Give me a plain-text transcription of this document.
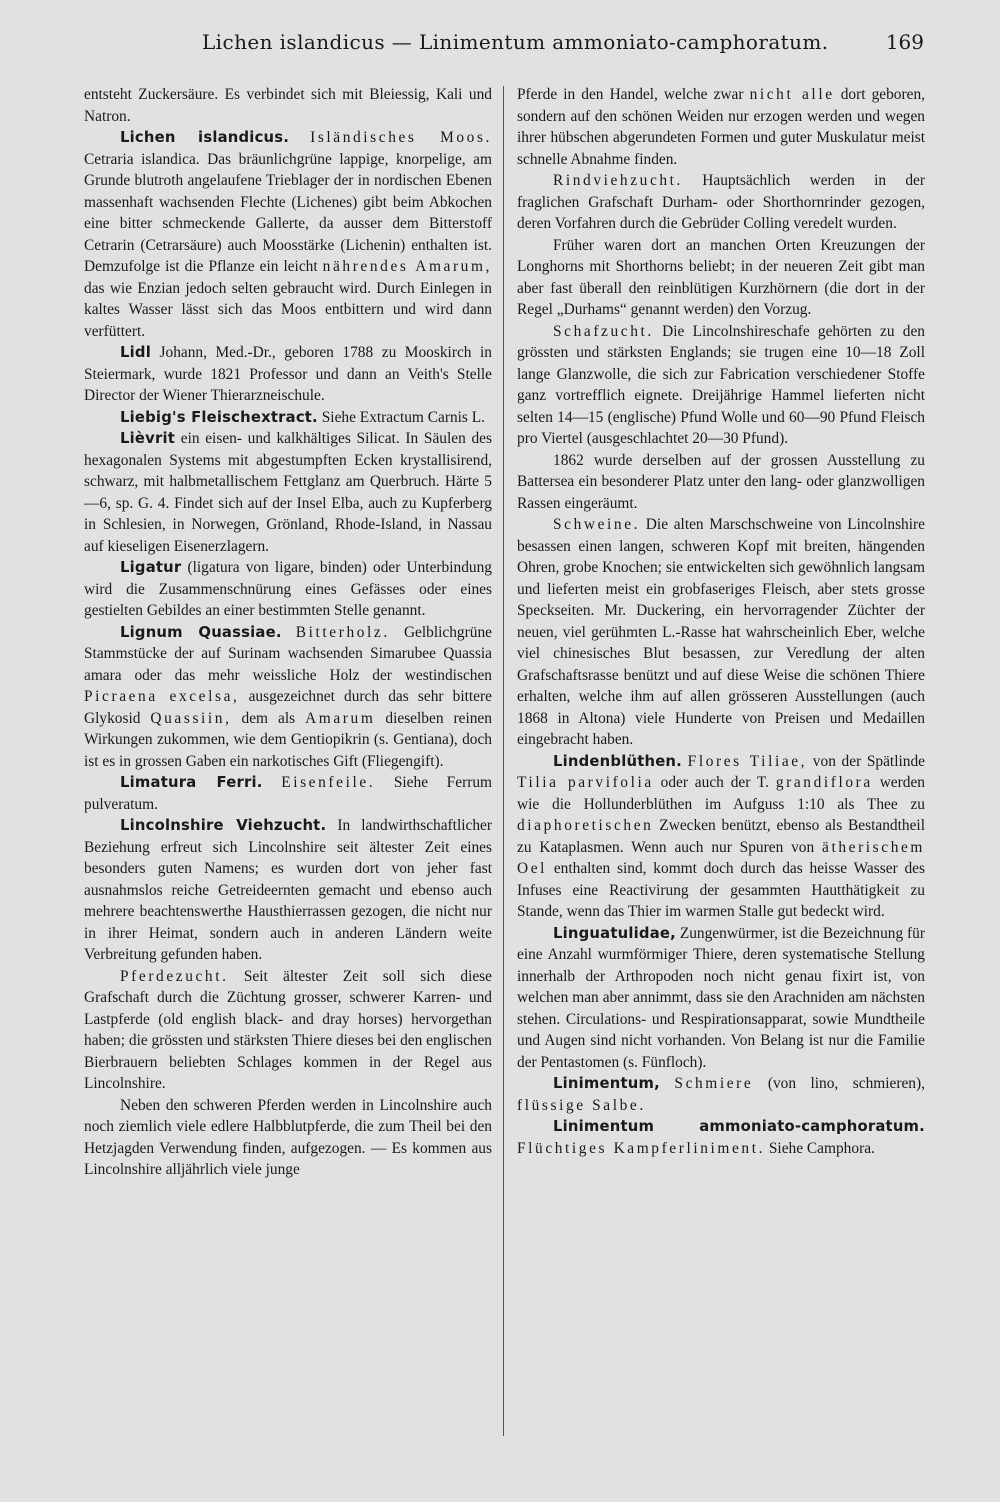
Lichen islandicus — Linimentum ammoniato-camphoratum.	169

entsteht Zuckersäure. Es verbindet sich mit Bleiessig, Kali und Natron.

Lichen islandicus. Isländisches Moos. Cetraria islandica. Das bräunlichgrüne lappige, knorpelige, am Grunde blutroth angelaufene Trieblager der in nordischen Ebenen massenhaft wachsenden Flechte (Lichenes) gibt beim Abkochen eine bitter schmeckende Gallerte, da ausser dem Bitterstoff Cetrarin (Cetrarsäure) auch Moosstärke (Lichenin) enthalten ist. Demzufolge ist die Pflanze ein leicht nährendes Amarum, das wie Enzian jedoch selten gebraucht wird. Durch Einlegen in kaltes Wasser lässt sich das Moos entbittern und wird dann verfüttert.

Lidl Johann, Med.-Dr., geboren 1788 zu Mooskirch in Steiermark, wurde 1821 Professor und dann an Veith's Stelle Director der Wiener Thierarzneischule.

Liebig's Fleischextract. Siehe Extractum Carnis L.

Lièvrit ein eisen- und kalkhältiges Silicat. In Säulen des hexagonalen Systems mit abgestumpften Ecken krystallisirend, schwarz, mit halbmetallischem Fettglanz am Querbruch. Härte 5—6, sp. G. 4. Findet sich auf der Insel Elba, auch zu Kupferberg in Schlesien, in Norwegen, Grönland, Rhode-Island, in Nassau auf kieseligen Eisenerzlagern.

Ligatur (ligatura von ligare, binden) oder Unterbindung wird die Zusammenschnürung eines Gefässes oder eines gestielten Gebildes an einer bestimmten Stelle genannt.

Lignum Quassiae. Bitterholz. Gelblichgrüne Stammstücke der auf Surinam wachsenden Simarubee Quassia amara oder das mehr weissliche Holz der westindischen Picraena excelsa, ausgezeichnet durch das sehr bittere Glykosid Quassiin, dem als Amarum dieselben reinen Wirkungen zukommen, wie dem Gentiopikrin (s. Gentiana), doch ist es in grossen Gaben ein narkotisches Gift (Fliegengift).

Limatura Ferri. Eisenfeile. Siehe Ferrum pulveratum.

Lincolnshire Viehzucht. In landwirthschaftlicher Beziehung erfreut sich Lincolnshire seit ältester Zeit eines besonders guten Namens; es wurden dort von jeher fast ausnahmslos reiche Getreideernten gemacht und ebenso auch mehrere beachtenswerthe Hausthierrassen gezogen, die nicht nur in ihrer Heimat, sondern auch in anderen Ländern weite Verbreitung gefunden haben.

Pferdezucht. Seit ältester Zeit soll sich diese Grafschaft durch die Züchtung grosser, schwerer Karren- und Lastpferde (old english black- and dray horses) hervorgethan haben; die grössten und stärksten Thiere dieses bei den englischen Bierbrauern beliebten Schlages kommen in der Regel aus Lincolnshire.

Neben den schweren Pferden werden in Lincolnshire auch noch ziemlich viele edlere Halbblutpferde, die zum Theil bei den Hetzjagden Verwendung finden, aufgezogen. — Es kommen aus Lincolnshire alljährlich viele junge

Pferde in den Handel, welche zwar nicht alle dort geboren, sondern auf den schönen Weiden nur erzogen werden und wegen ihrer hübschen abgerundeten Formen und guter Muskulatur meist schnelle Abnahme finden.

Rindviehzucht. Hauptsächlich werden in der fraglichen Grafschaft Durham- oder Shorthornrinder gezogen, deren Vorfahren durch die Gebrüder Colling veredelt wurden.

Früher waren dort an manchen Orten Kreuzungen der Longhorns mit Shorthorns beliebt; in der neueren Zeit gibt man aber fast überall den reinblütigen Kurzhörnern (die dort in der Regel „Durhams“ genannt werden) den Vorzug.

Schafzucht. Die Lincolnshireschafe gehörten zu den grössten und stärksten Englands; sie trugen eine 10—18 Zoll lange Glanzwolle, die sich zur Fabrication verschiedener Stoffe ganz vortrefflich eignete. Dreijährige Hammel lieferten nicht selten 14—15 (englische) Pfund Wolle und 60—90 Pfund Fleisch pro Viertel (ausgeschlachtet 20—30 Pfund).

1862 wurde derselben auf der grossen Ausstellung zu Battersea ein besonderer Platz unter den lang- oder glanzwolligen Rassen eingeräumt.

Schweine. Die alten Marschschweine von Lincolnshire besassen einen langen, schweren Kopf mit breiten, hängenden Ohren, grobe Knochen; sie entwickelten sich gewöhnlich langsam und lieferten meist ein grobfaseriges Fleisch, aber stets grosse Speckseiten. Mr. Duckering, ein hervorragender Züchter der neuen, viel gerühmten L.-Rasse hat wahrscheinlich Eber, welche viel chinesisches Blut besassen, zur Veredlung der alten Grafschaftsrasse benützt und auf diese Weise die schönen Thiere erhalten, welche ihm auf allen grösseren Ausstellungen (auch 1868 in Altona) viele Hunderte von Preisen und Medaillen eingebracht haben.

Lindenblüthen. Flores Tiliae, von der Spätlinde Tilia parvifolia oder auch der T. grandiflora werden wie die Hollunderblüthen im Aufguss 1:10 als Thee zu diaphoretischen Zwecken benützt, ebenso als Bestandtheil zu Kataplasmen. Wenn auch nur Spuren von ätherischem Oel enthalten sind, kommt doch durch das heisse Wasser des Infuses eine Reactivirung der gesammten Hautthätigkeit zu Stande, wenn das Thier im warmen Stalle gut bedeckt wird.

Linguatulidae, Zungenwürmer, ist die Bezeichnung für eine Anzahl wurmförmiger Thiere, deren systematische Stellung innerhalb der Arthropoden noch nicht genau fixirt ist, von welchen man aber annimmt, dass sie den Arachniden am nächsten stehen. Circulations- und Respirationsapparat, sowie Mundtheile und Augen sind nicht vorhanden. Von Belang ist nur die Familie der Pentastomen (s. Fünfloch).

Linimentum, Schmiere (von lino, schmieren), flüssige Salbe.

Linimentum ammoniato-camphoratum. Flüchtiges Kampferliniment. Siehe Camphora.
